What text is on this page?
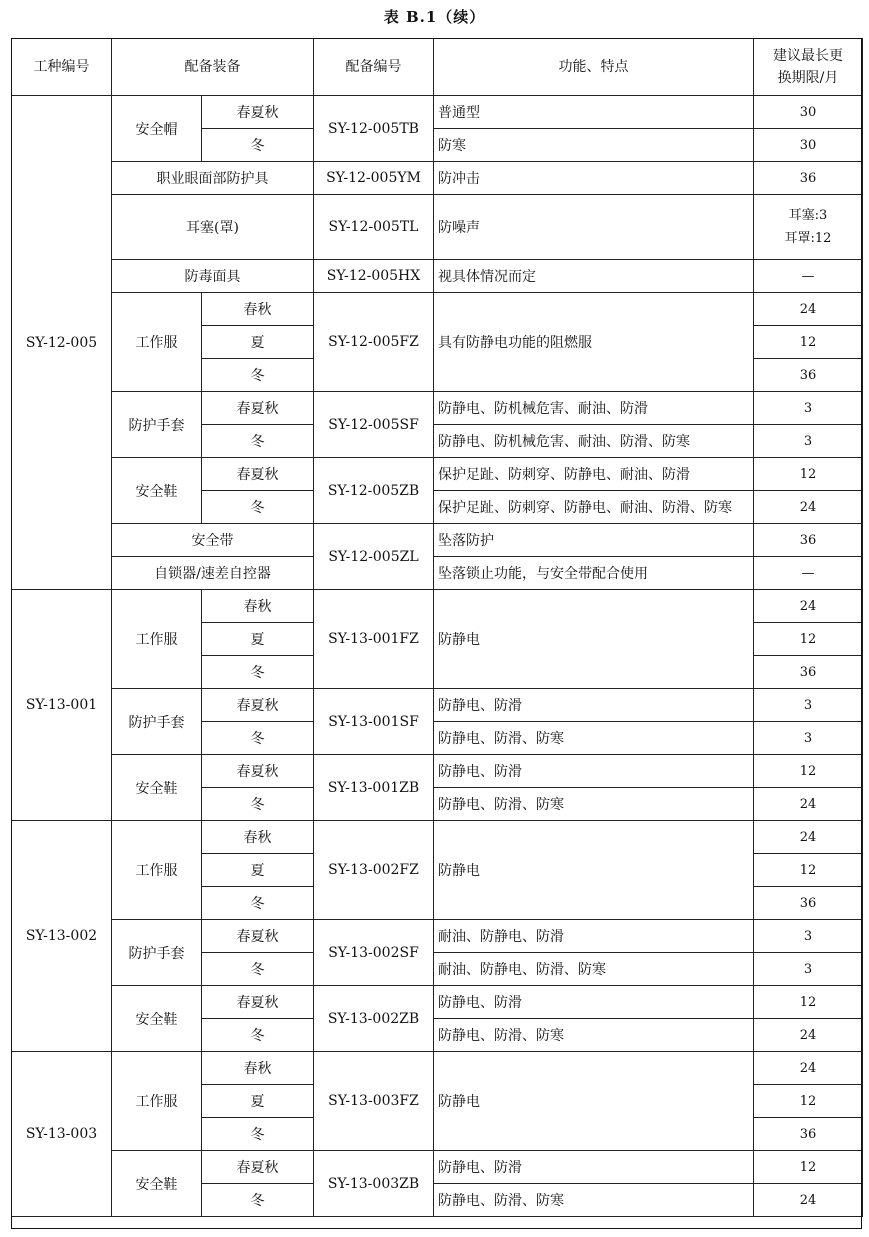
表 B.1（续）
工种编号	配备装备		配备编号	功能、特点	建议最长更
换期限/月
SY-12-005	安全帽	春夏秋	SY-12-005TB	普通型	30
		冬		防寒	30
	职业眼面部防护具		SY-12-005YM	防冲击	36
	耳塞(罩)		SY-12-005TL	防噪声	耳塞:3
耳罩:12
	防毒面具		SY-12-005HX	视具体情况而定	—
	工作服	春秋	SY-12-005FZ	具有防静电功能的阻燃服	24
		夏			12
		冬			36
	防护手套	春夏秋	SY-12-005SF	防静电、防机械危害、耐油、防滑	3
		冬		防静电、防机械危害、耐油、防滑、防寒	3
	安全鞋	春夏秋	SY-12-005ZB	保护足趾、防刺穿、防静电、耐油、防滑	12
		冬		保护足趾、防刺穿、防静电、耐油、防滑、防寒	24
	安全带		SY-12-005ZL	坠落防护	36
	自锁器/速差自控器			坠落锁止功能，与安全带配合使用	—
SY-13-001	工作服	春秋	SY-13-001FZ	防静电	24
		夏			12
		冬			36
	防护手套	春夏秋	SY-13-001SF	防静电、防滑	3
		冬		防静电、防滑、防寒	3
	安全鞋	春夏秋	SY-13-001ZB	防静电、防滑	12
		冬		防静电、防滑、防寒	24
SY-13-002	工作服	春秋	SY-13-002FZ	防静电	24
		夏			12
		冬			36
	防护手套	春夏秋	SY-13-002SF	耐油、防静电、防滑	3
		冬		耐油、防静电、防滑、防寒	3
	安全鞋	春夏秋	SY-13-002ZB	防静电、防滑	12
		冬		防静电、防滑、防寒	24
SY-13-003	工作服	春秋	SY-13-003FZ	防静电	24
		夏			12
		冬			36
	安全鞋	春夏秋	SY-13-003ZB	防静电、防滑	12
		冬		防静电、防滑、防寒	24
